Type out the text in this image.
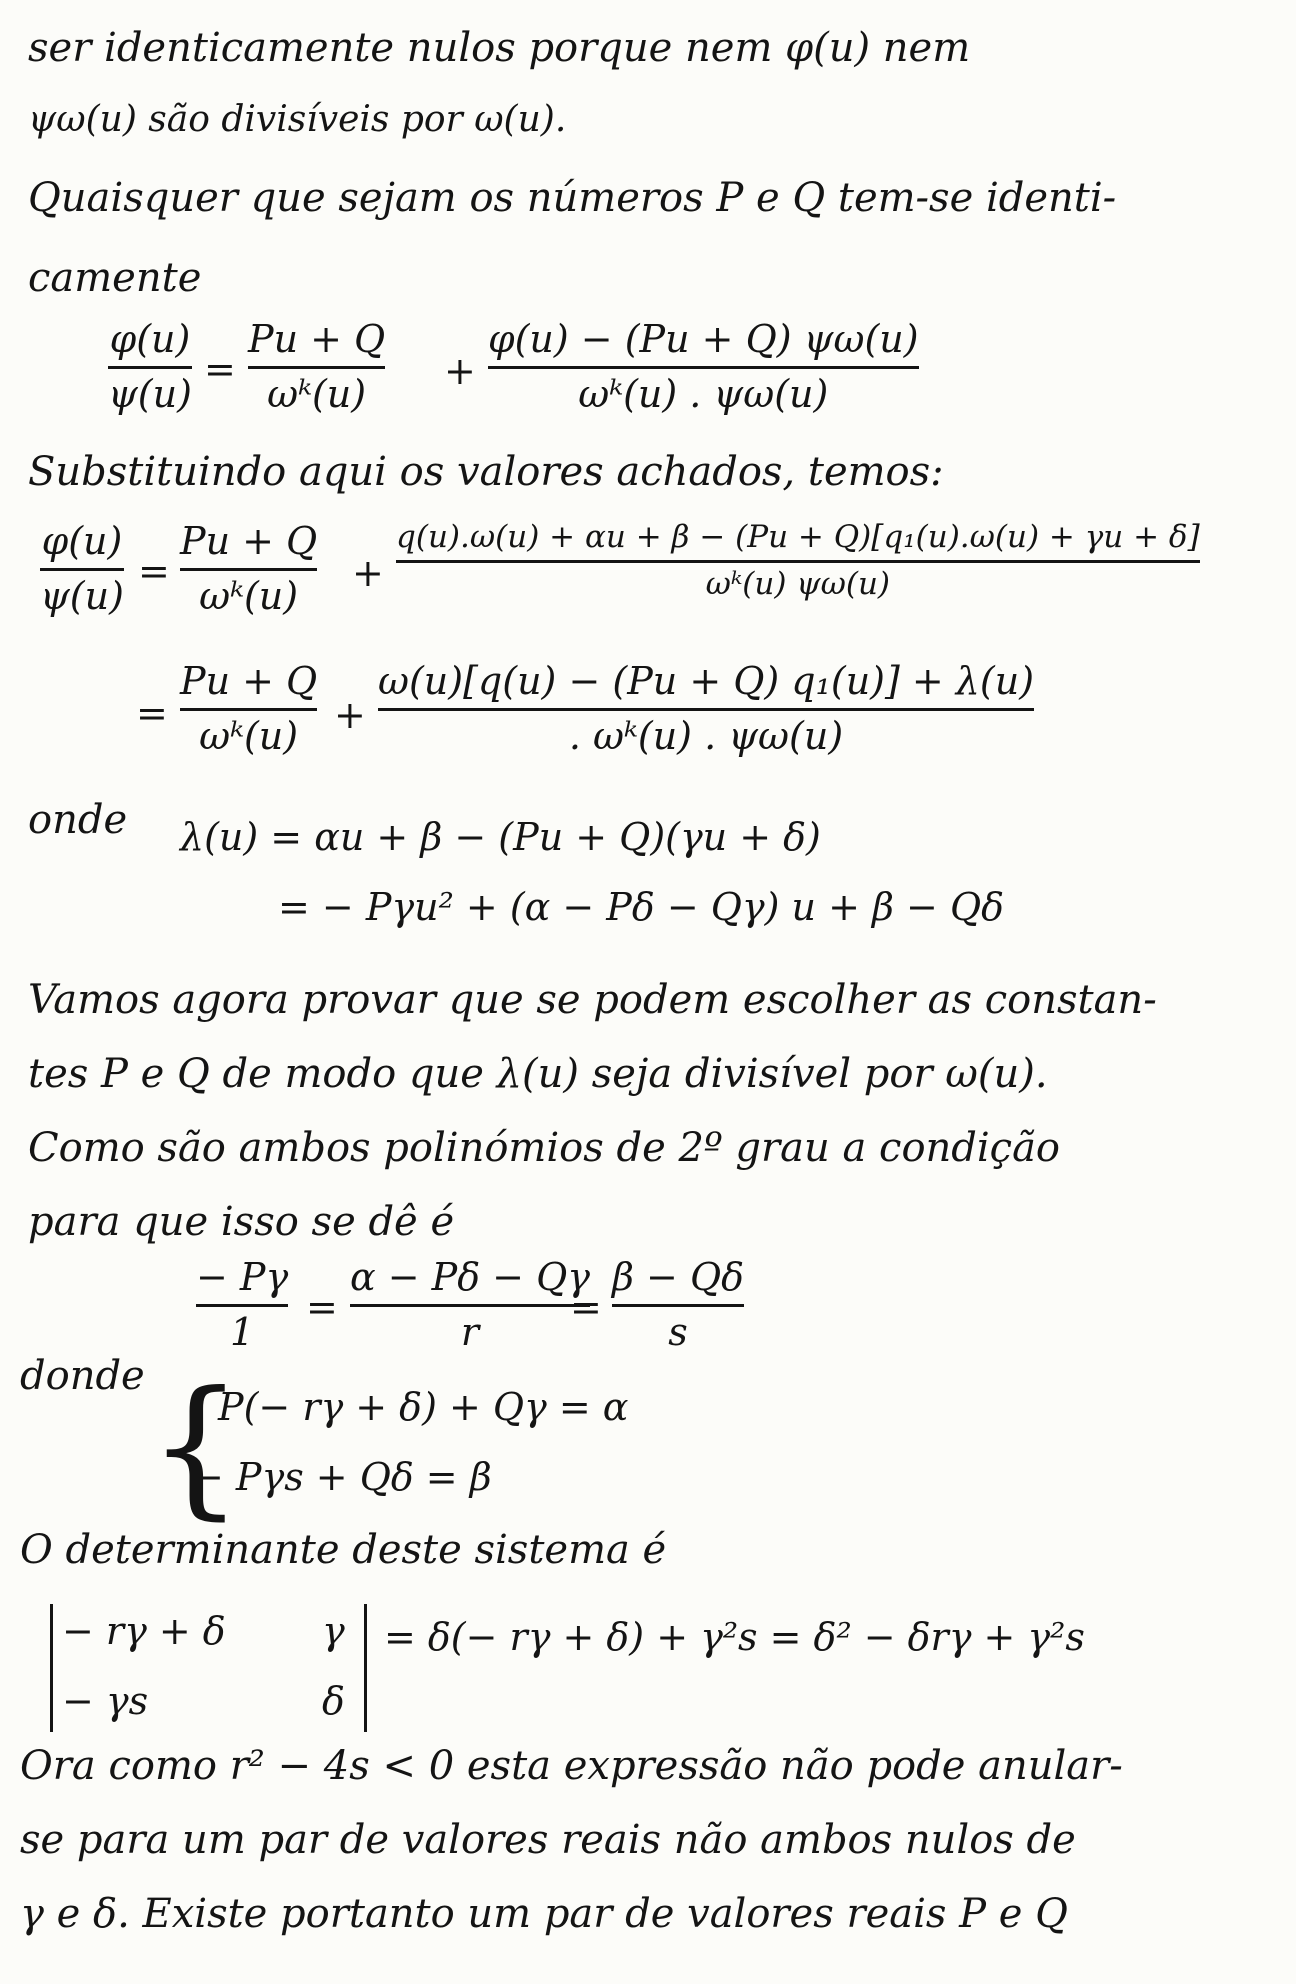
ser identicamente nulos porque nem φ(u) nem
ψω(u) são divisíveis por ω(u).
Quaisquer que sejam os números P e Q tem-se identi-
camente
φ(u)
ψ(u)
=
Pu + Q
ωᵏ(u)
+
φ(u) − (Pu + Q) ψω(u)
ωᵏ(u) . ψω(u)
Substituindo aqui os valores achados, temos:
φ(u)
ψ(u)
=
Pu + Q
ωᵏ(u)
+
q(u).ω(u) + αu + β − (Pu + Q)[q₁(u).ω(u) + γu + δ]
ωᵏ(u) ψω(u)
=
Pu + Q
ωᵏ(u) +
ω(u)[q(u) − (Pu + Q) q₁(u)] + λ(u)
. ωᵏ(u) . ψω(u)
onde λ(u) = αu + β − (Pu + Q)(γu + δ)
= − Pγu² + (α − Pδ − Qγ) u + β − Qδ
Vamos agora provar que se podem escolher as constan-
tes P e Q de modo que λ(u) seja divisível por ω(u).
Como são ambos polinómios de 2º grau a condição
para que isso se dê é
− Pγ
1
=
α − Pδ − Qγ
r
=
β − Qδ
s
donde {
P(− rγ + δ) + Qγ = α
− Pγs + Qδ = β
O determinante deste sistema é
− rγ + δ	γ
− γs	δ
= δ(− rγ + δ) + γ²s = δ² − δrγ + γ²s
Ora como r² − 4s < 0 esta expressão não pode anular-
se para um par de valores reais não ambos nulos de
γ e δ. Existe portanto um par de valores reais P e Q
